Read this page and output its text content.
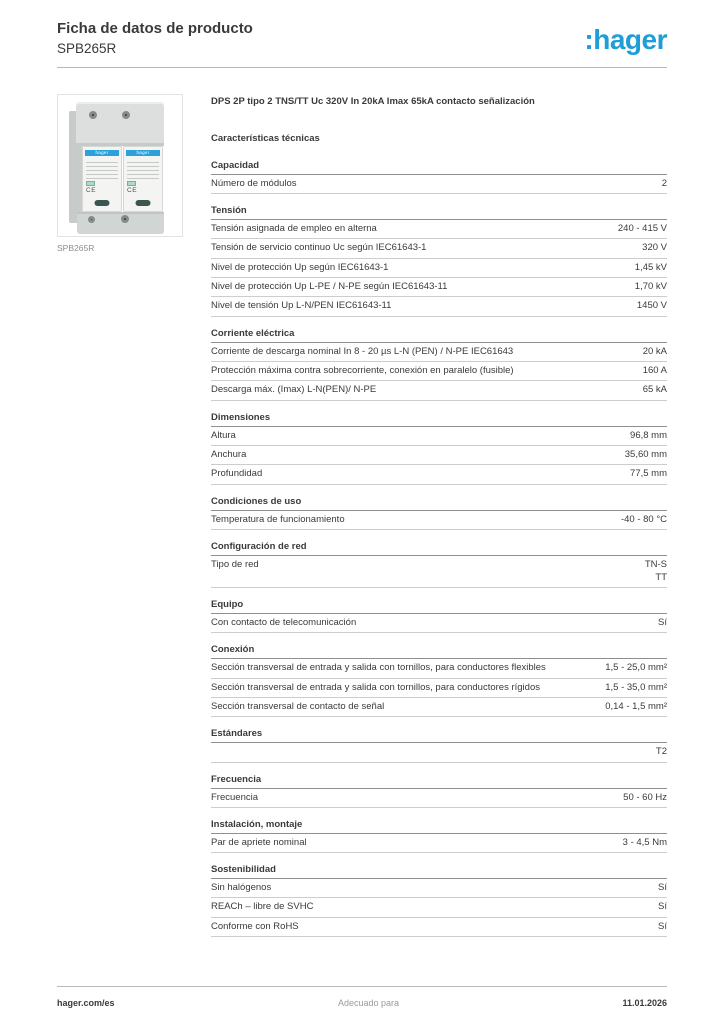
Ficha de datos de producto
SPB265R	:hager
hager
CE
hager
CE
SPB265R
DPS 2P tipo 2 TNS/TT Uc 320V In 20kA Imax 65kA contacto señalización
Características técnicas
Capacidad
Número de módulos	2
Tensión
Tensión asignada de empleo en alterna	240 - 415 V
Tensión de servicio continuo Uc según IEC61643-1	320 V
Nivel de protección Up según IEC61643-1	1,45 kV
Nivel de protección Up L-PE / N-PE según IEC61643-11	1,70 kV
Nivel de tensión Up L-N/PEN IEC61643-11	1450 V
Corriente eléctrica
Corriente de descarga nominal In 8 - 20 µs L-N (PEN) / N-PE IEC61643	20 kA
Protección máxima contra sobrecorriente, conexión en paralelo (fusible)	160 A
Descarga máx. (Imax) L-N(PEN)/ N-PE	65 kA
Dimensiones
Altura	96,8 mm
Anchura	35,60 mm
Profundidad	77,5 mm
Condiciones de uso
Temperatura de funcionamiento	-40 - 80 °C
Configuración de red
Tipo de red	TN-S
TT
Equipo
Con contacto de telecomunicación	Sí
Conexión
Sección transversal de entrada y salida con tornillos, para conductores flexibles	1,5 - 25,0 mm²
Sección transversal de entrada y salida con tornillos, para conductores rígidos	1,5 - 35,0 mm²
Sección transversal de contacto de señal	0,14 - 1,5 mm²
Estándares
T2
Frecuencia
Frecuencia	50 - 60 Hz
Instalación, montaje
Par de apriete nominal	3 - 4,5 Nm
Sostenibilidad
Sin halógenos	Sí
REACh – libre de SVHC	Sí
Conforme con RoHS	Sí
hager.com/es	Adecuado para	11.01.2026
